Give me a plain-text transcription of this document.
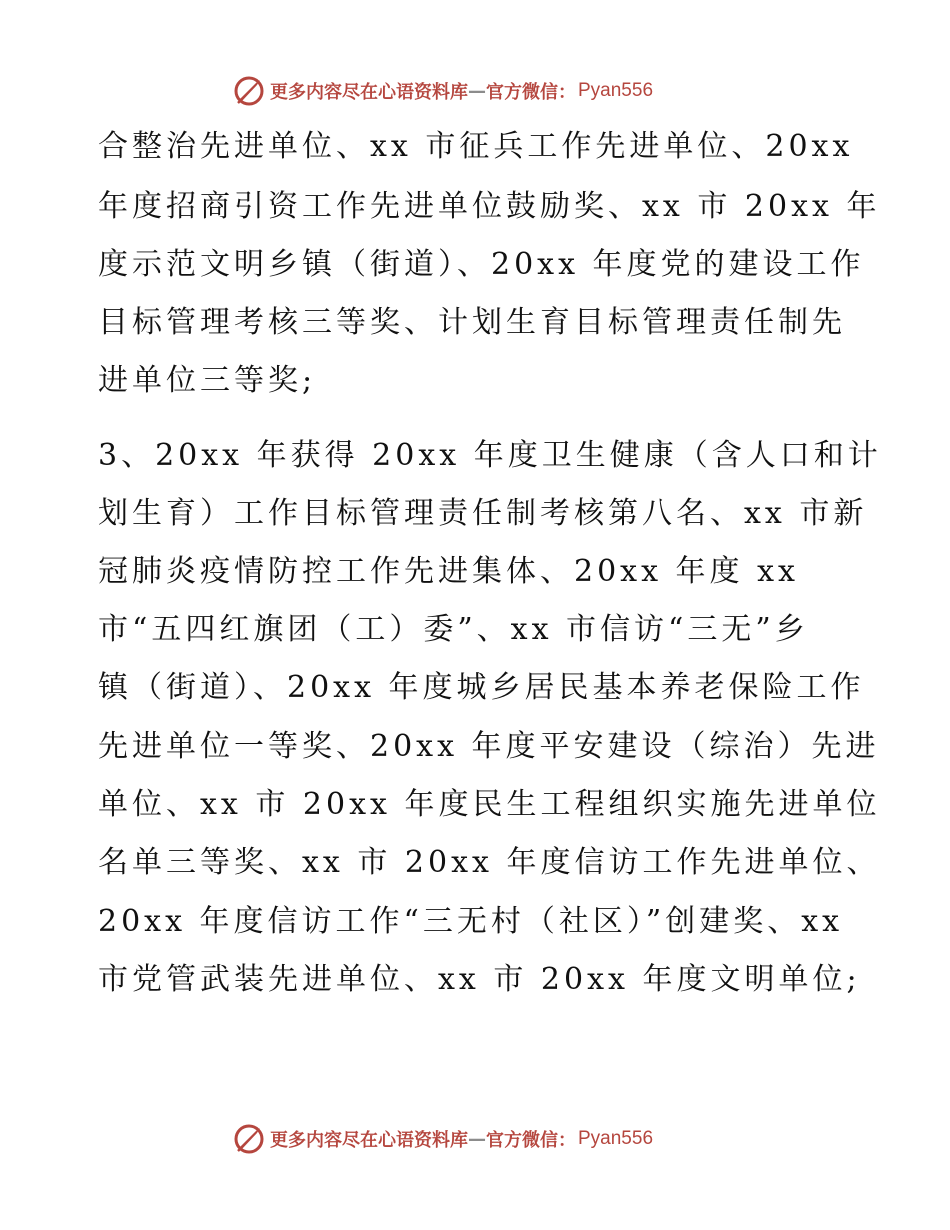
更多内容尽在心语资料库 — 官方微信： Pyan556
合整治先进单位、xx 市征兵工作先进单位、20xx
年度招商引资工作先进单位鼓励奖、xx 市 20xx 年
度示范文明乡镇（街道）、20xx 年度党的建设工作
目标管理考核三等奖、计划生育目标管理责任制先
进单位三等奖;
3、20xx 年获得 20xx 年度卫生健康（含人口和计
划生育）工作目标管理责任制考核第八名、xx 市新
冠肺炎疫情防控工作先进集体、20xx 年度 xx
市“五四红旗团（工）委”、xx 市信访“三无”乡
镇（街道）、20xx 年度城乡居民基本养老保险工作
先进单位一等奖、20xx 年度平安建设（综治）先进
单位、xx 市 20xx 年度民生工程组织实施先进单位
名单三等奖、xx 市 20xx 年度信访工作先进单位、
20xx 年度信访工作“三无村（社区）”创建奖、xx
市党管武装先进单位、xx 市 20xx 年度文明单位;
更多内容尽在心语资料库 — 官方微信： Pyan556
